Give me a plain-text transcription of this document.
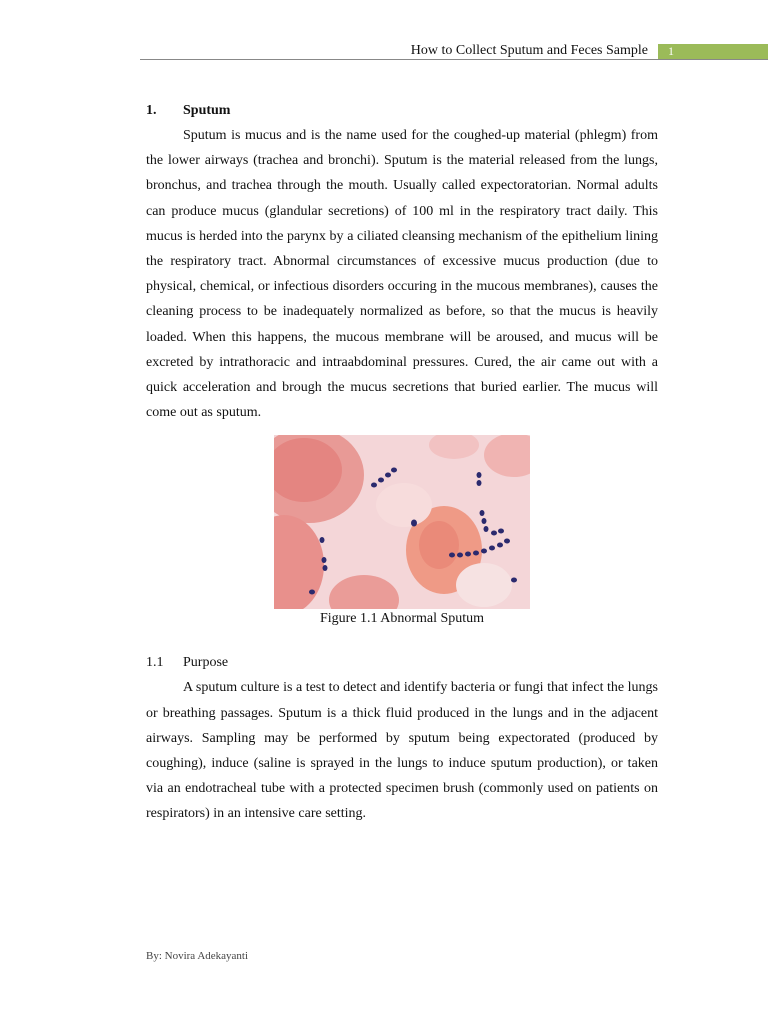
How to Collect Sputum and Feces Sample 1
1. Sputum

Sputum is mucus and is the name used for the coughed-up material (phlegm) from the lower airways (trachea and bronchi). Sputum is the material released from the lungs, bronchus, and trachea through the mouth. Usually called expectoratorian. Normal adults can produce mucus (glandular secretions) of 100 ml in the respiratory tract daily. This mucus is herded into the parynx by a ciliated cleansing mechanism of the epithelium lining the respiratory tract. Abnormal circumstances of excessive mucus production (due to physical, chemical, or infectious disorders occuring in the mucous membranes), causes the cleaning process to be inadequately normalized as before, so that the mucus is heavily loaded. When this happens, the mucous membrane will be aroused, and mucus will be excreted by intrathoracic and intraabdominal pressures. Cured, the air came out with a quick acceleration and brough the mucus secretions that buried earlier. The mucus will come out as sputum.

Figure 1.1 Abnormal Sputum
1.1 Purpose

A sputum culture is a test to detect and identify bacteria or fungi that infect the lungs or breathing passages. Sputum is a thick fluid produced in the lungs and in the adjacent airways. Sampling may be performed by sputum being expectorated (produced by coughing), induce (saline is sprayed in the lungs to induce sputum production), or taken via an endotracheal tube with a protected specimen brush (commonly used on patients on respirators) in an intensive care setting.

By: Novira Adekayanti
